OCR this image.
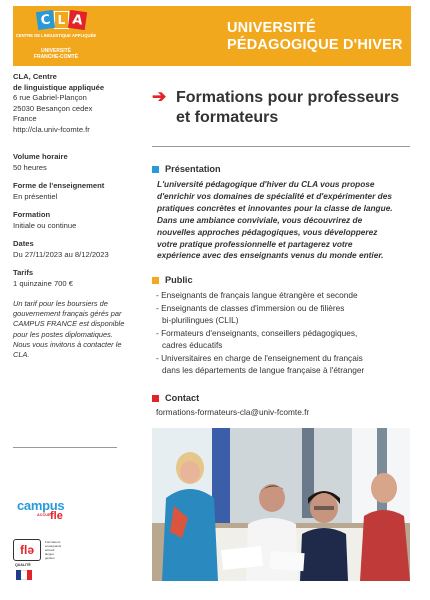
C L A
CENTRE DE LINGUISTIQUE APPLIQUÉE
UNIVERSITÉ
FRANCHE-COMTÉ
UNIVERSITÉ
PÉDAGOGIQUE D'HIVER
CLA, Centre
de linguistique appliquée
6 rue Gabriel-Plançon
25030 Besançon cedex
France
http://cla.univ-fcomte.fr
Volume horaire
50 heures
Forme de l'enseignement
En présentiel
Formation
Initiale ou continue
Dates
Du 27/11/2023 au 8/12/2023
Tarifs
1 quinzaine 700 €
Un tarif pour les boursiers de
gouvernement français gérés par
CAMPUS FRANCE est disponible
pour les postes diplomatiques.
Nous vous invitons à contacter le
CLA.
campus
ACCUEIL
fle
flə
Formateurs
enseignants
accueil
langue
gestion
QUALITÉ
➔ Formations pour professeurs
et formateurs
Présentation
L'université pédagogique d'hiver du CLA vous propose
d'enrichir vos domaines de spécialité et d'expérimenter des
pratiques concrètes et innovantes pour la classe de langue.
Dans une ambiance conviviale, vous découvrirez de
nouvelles approches pédagogiques, vous développerez
votre pratique professionnelle et partagerez votre
expérience avec des enseignants venus du monde entier.
Public
- Enseignants de français langue étrangère et seconde
- Enseignants de classes d'immersion ou de filières
bi-plurilingues (CLIL)
- Formateurs d'enseignants, conseillers pédagogiques,
cadres éducatifs
- Universitaires en charge de l'enseignement du français
dans les départements de langue française à l'étranger
Contact
formations-formateurs-cla@univ-fcomte.fr
